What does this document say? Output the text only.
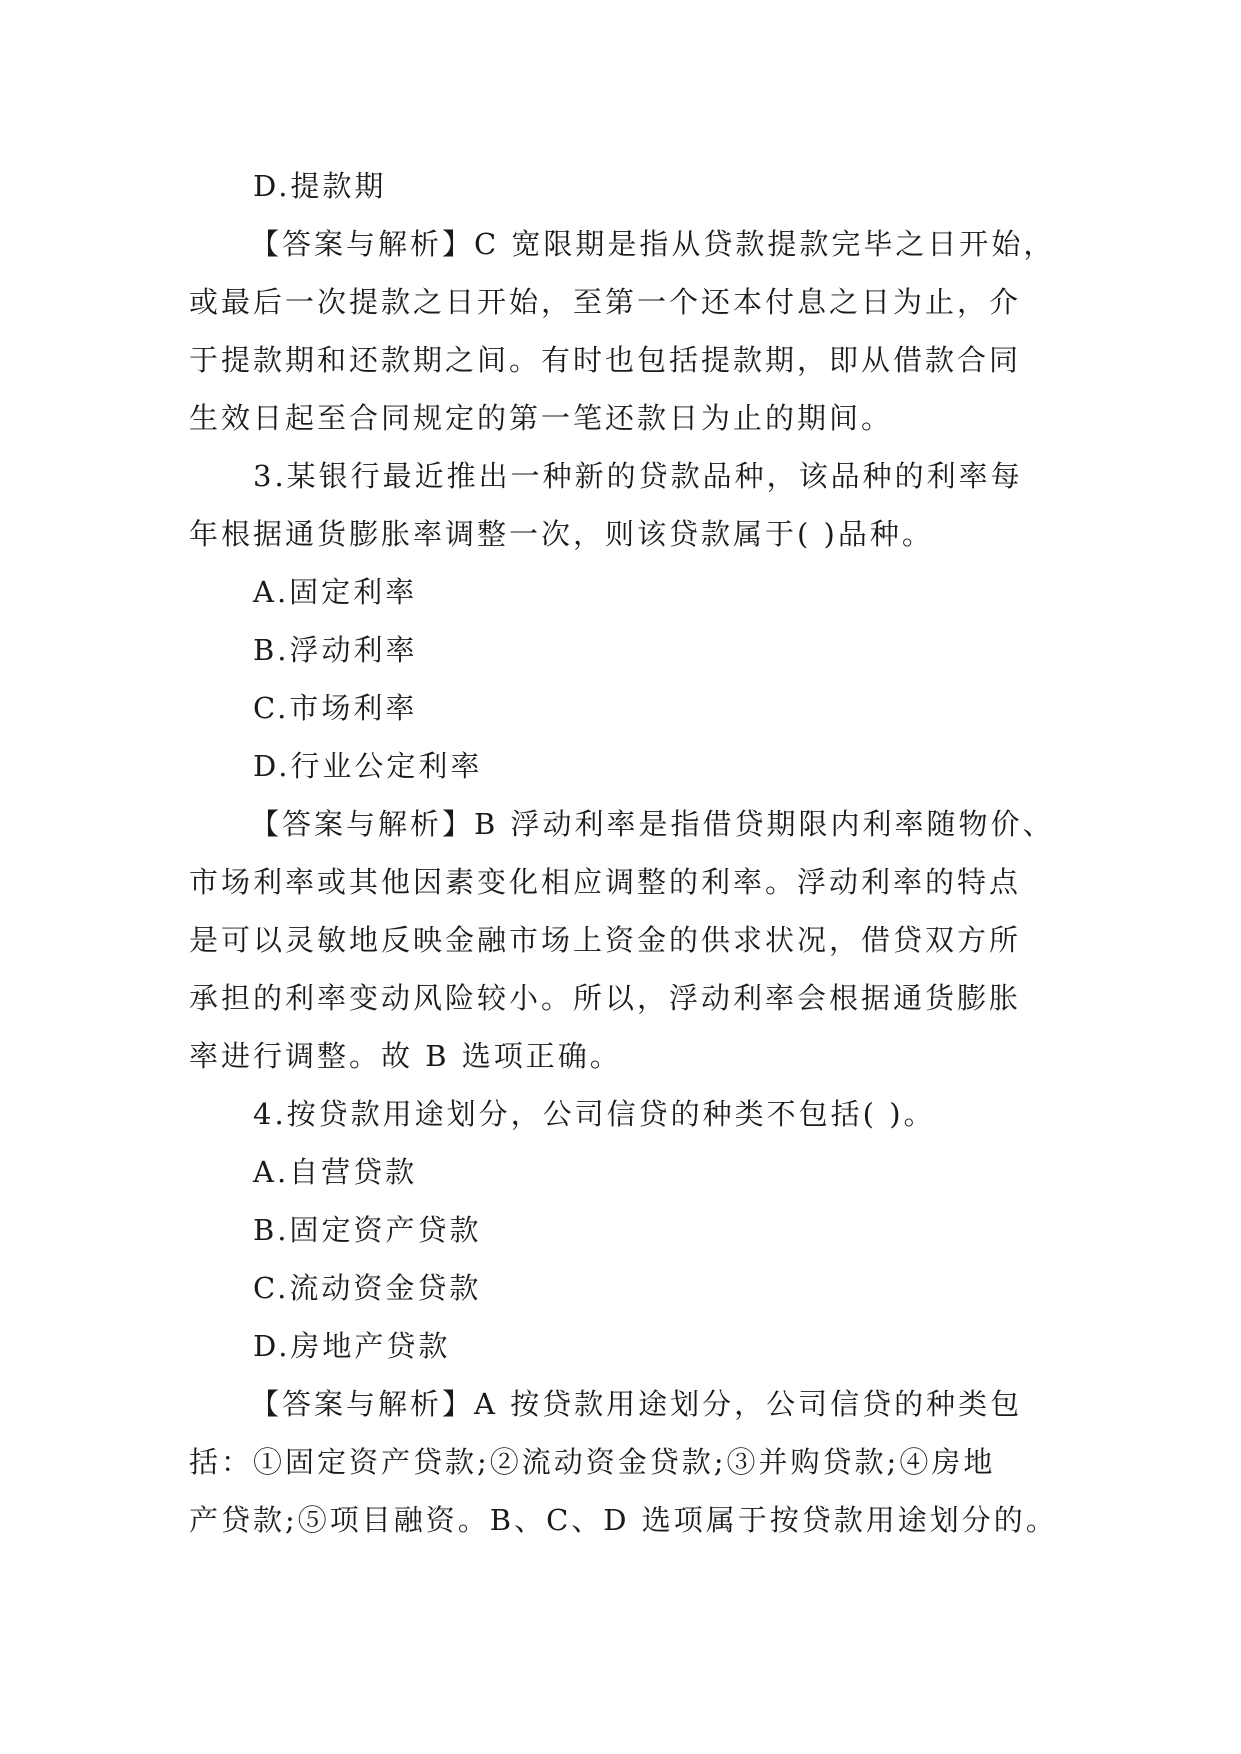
D.提款期
【答案与解析】C 宽限期是指从贷款提款完毕之日开始，
或最后一次提款之日开始，至第一个还本付息之日为止，介
于提款期和还款期之间。有时也包括提款期，即从借款合同
生效日起至合同规定的第一笔还款日为止的期间。
3.某银行最近推出一种新的贷款品种，该品种的利率每
年根据通货膨胀率调整一次，则该贷款属于( )品种。
A.固定利率
B.浮动利率
C.市场利率
D.行业公定利率
【答案与解析】B 浮动利率是指借贷期限内利率随物价、
市场利率或其他因素变化相应调整的利率。浮动利率的特点
是可以灵敏地反映金融市场上资金的供求状况，借贷双方所
承担的利率变动风险较小。所以，浮动利率会根据通货膨胀
率进行调整。故 B 选项正确。
4.按贷款用途划分，公司信贷的种类不包括( )。
A.自营贷款
B.固定资产贷款
C.流动资金贷款
D.房地产贷款
【答案与解析】A 按贷款用途划分，公司信贷的种类包
括：①固定资产贷款;②流动资金贷款;③并购贷款;④房地
产贷款;⑤项目融资。B、C、D 选项属于按贷款用途划分的。
